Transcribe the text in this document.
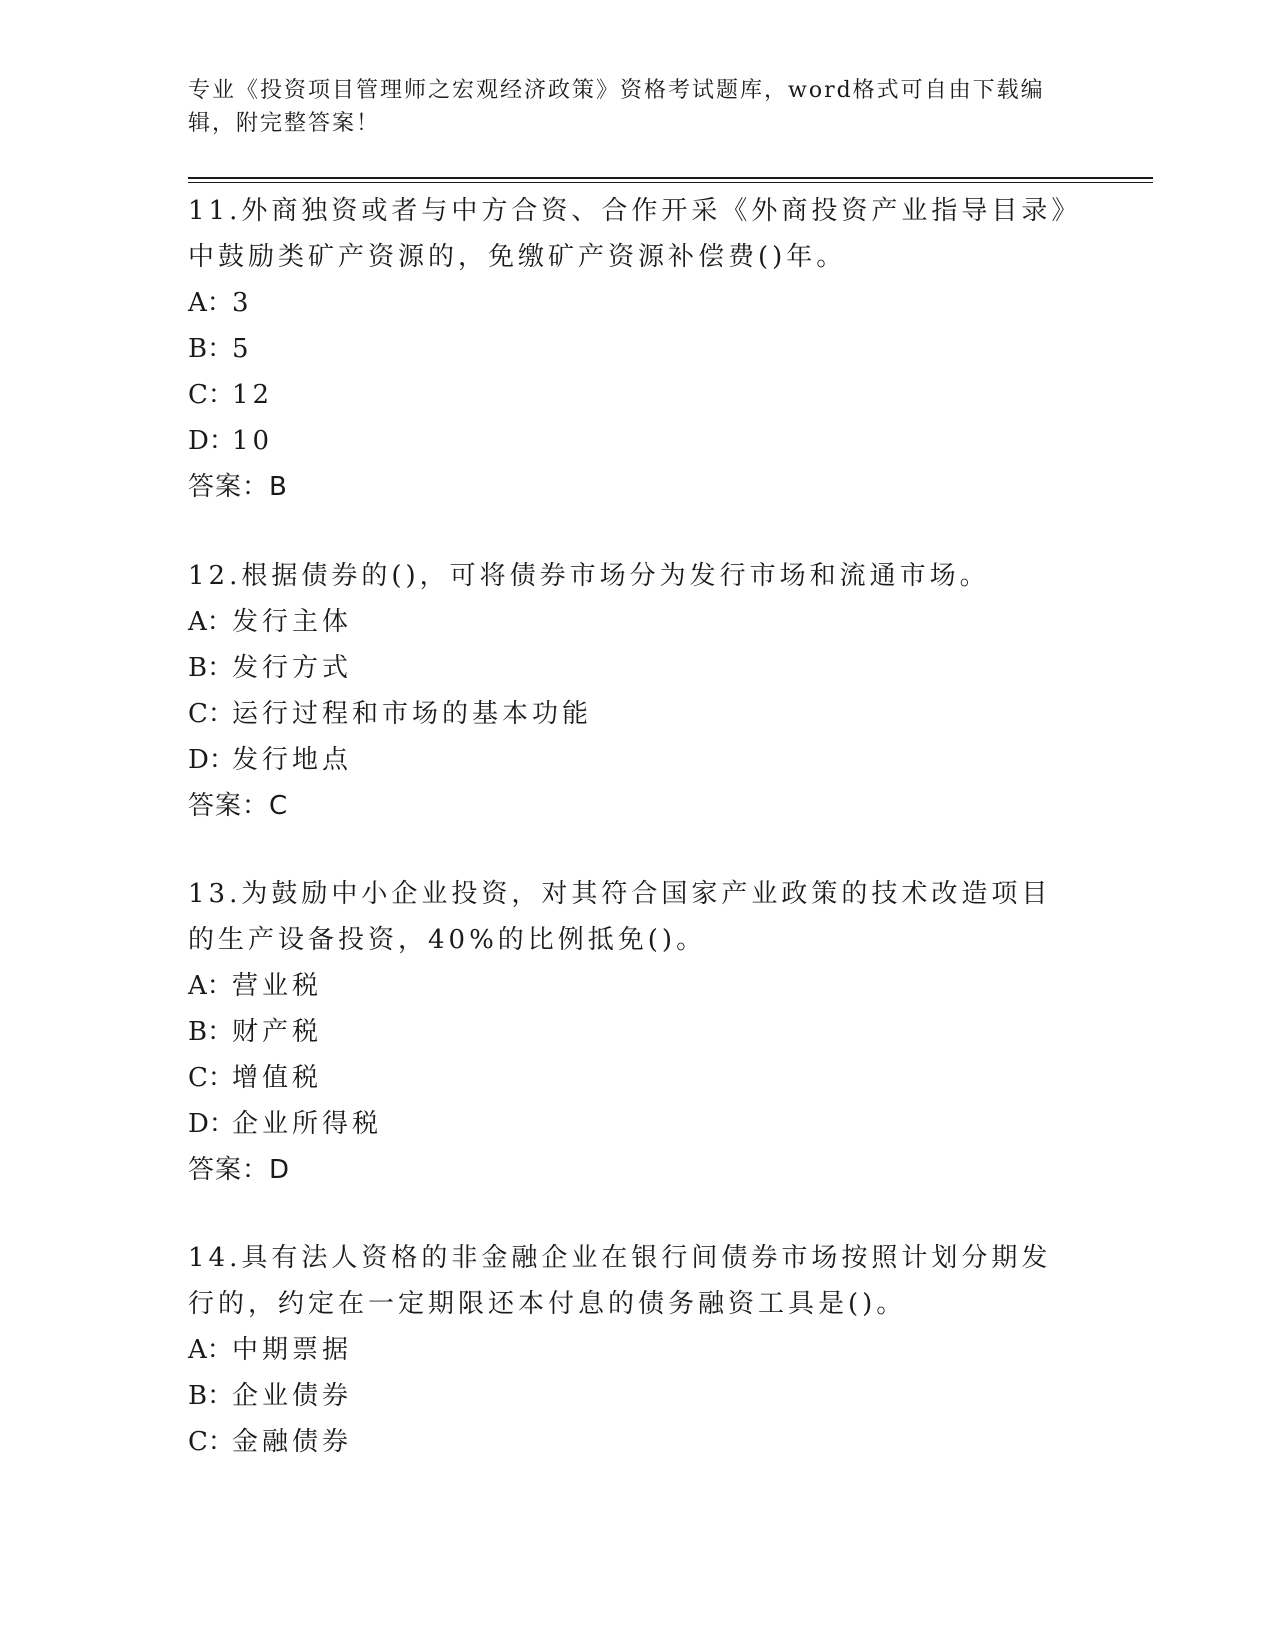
专业《投资项目管理师之宏观经济政策》资格考试题库，word格式可自由下载编辑，附完整答案！

11.外商独资或者与中方合资、合作开采《外商投资产业指导目录》中鼓励类矿产资源的，免缴矿产资源补偿费()年。

A：3
B：5
C：12
D：10
答案：B

12.根据债券的()，可将债券市场分为发行市场和流通市场。

A：发行主体
B：发行方式
C：运行过程和市场的基本功能
D：发行地点
答案：C

13.为鼓励中小企业投资，对其符合国家产业政策的技术改造项目的生产设备投资，40%的比例抵免()。

A：营业税
B：财产税
C：增值税
D：企业所得税
答案：D

14.具有法人资格的非金融企业在银行间债券市场按照计划分期发行的，约定在一定期限还本付息的债务融资工具是()。

A：中期票据
B：企业债券
C：金融债券
